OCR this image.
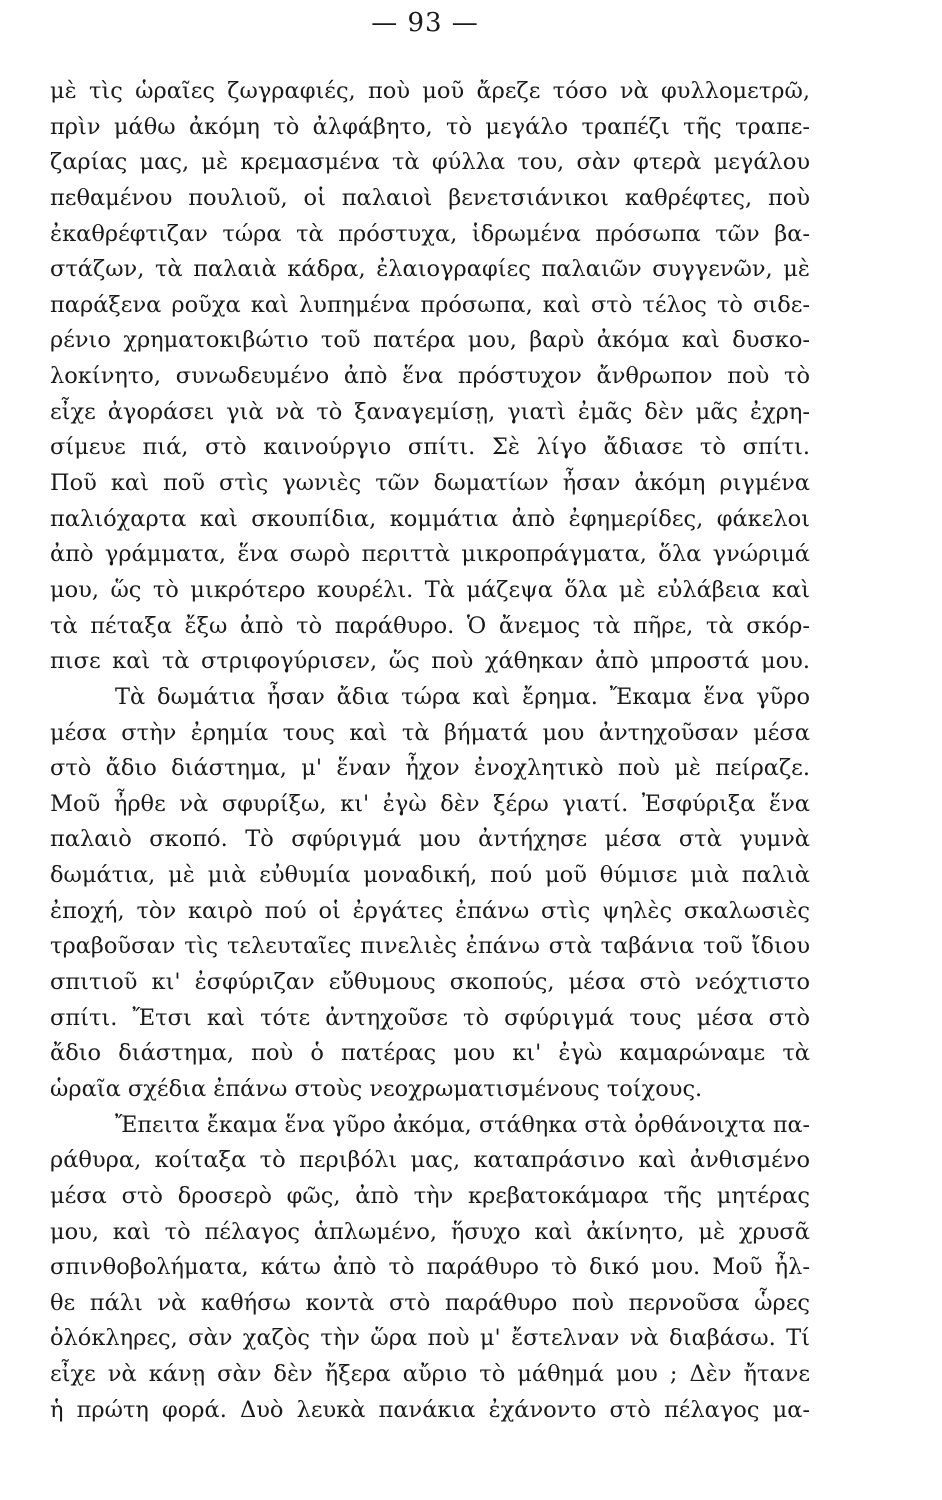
— 93 —
μὲ τὶς ὡραῖες ζωγραφιές, ποὺ μοῦ ἄρεζε τόσο νὰ φυλλομετρῶ,
πρὶν μάθω ἀκόμη τὸ ἀλφάβητο, τὸ μεγάλο τραπέζι τῆς τραπε-
ζαρίας μας, μὲ κρεμασμένα τὰ φύλλα του, σὰν φτερὰ μεγάλου
πεθαμένου πουλιοῦ, οἱ παλαιοὶ βενετσιάνικοι καθρέφτες, ποὺ
ἐκαθρέφτιζαν τώρα τὰ πρόστυχα, ἱδρωμένα πρόσωπα τῶν βα-
στάζων, τὰ παλαιὰ κάδρα, ἐλαιογραφίες παλαιῶν συγγενῶν, μὲ
παράξενα ροῦχα καὶ λυπημένα πρόσωπα, καὶ στὸ τέλος τὸ σιδε-
ρένιο χρηματοκιβώτιο τοῦ πατέρα μου, βαρὺ ἀκόμα καὶ δυσκο-
λοκίνητο, συνωδευμένο ἀπὸ ἕνα πρόστυχον ἄνθρωπον ποὺ τὸ
εἶχε ἀγοράσει γιὰ νὰ τὸ ξαναγεμίσῃ, γιατὶ ἐμᾶς δὲν μᾶς ἐχρη-
σίμευε πιά, στὸ καινούργιο σπίτι. Σὲ λίγο ἄδιασε τὸ σπίτι.
Ποῦ καὶ ποῦ στὶς γωνιὲς τῶν δωματίων ἦσαν ἀκόμη ριγμένα
παλιόχαρτα καὶ σκουπίδια, κομμάτια ἀπὸ ἐφημερίδες, φάκελοι
ἀπὸ γράμματα, ἕνα σωρὸ περιττὰ μικροπράγματα, ὅλα γνώριμά
μου, ὥς τὸ μικρότερο κουρέλι. Τὰ μάζεψα ὅλα μὲ εὐλάβεια καὶ
τὰ πέταξα ἔξω ἀπὸ τὸ παράθυρο. Ὁ ἄνεμος τὰ πῆρε, τὰ σκόρ-
πισε καὶ τὰ στριφογύρισεν, ὥς ποὺ χάθηκαν ἀπὸ μπροστά μου.
Τὰ δωμάτια ἦσαν ἄδια τώρα καὶ ἔρημα. Ἔκαμα ἕνα γῦρο
μέσα στὴν ἐρημία τους καὶ τὰ βήματά μου ἀντηχοῦσαν μέσα
στὸ ἄδιο διάστημα, μ' ἕναν ἦχον ἐνοχλητικὸ ποὺ μὲ πείραζε.
Μοῦ ἦρθε νὰ σφυρίξω, κι' ἐγὼ δὲν ξέρω γιατί. Ἐσφύριξα ἕνα
παλαιὸ σκοπό. Τὸ σφύριγμά μου ἀντήχησε μέσα στὰ γυμνὰ
δωμάτια, μὲ μιὰ εὐθυμία μοναδική, πού μοῦ θύμισε μιὰ παλιὰ
ἐποχή, τὸν καιρὸ πού οἱ ἐργάτες ἐπάνω στὶς ψηλὲς σκαλωσιὲς
τραβοῦσαν τὶς τελευταῖες πινελιὲς ἐπάνω στὰ ταβάνια τοῦ ἴδιου
σπιτιοῦ κι' ἐσφύριζαν εὔθυμους σκοπούς, μέσα στὸ νεόχτιστο
σπίτι. Ἔτσι καὶ τότε ἀντηχοῦσε τὸ σφύριγμά τους μέσα στὸ
ἄδιο διάστημα, ποὺ ὁ πατέρας μου κι' ἐγὼ καμαρώναμε τὰ
ὡραῖα σχέδια ἐπάνω στοὺς νεοχρωματισμένους τοίχους.
Ἔπειτα ἔκαμα ἕνα γῦρο ἀκόμα, στάθηκα στὰ ὀρθάνοιχτα πα-
ράθυρα, κοίταξα τὸ περιβόλι μας, καταπράσινο καὶ ἀνθισμένο
μέσα στὸ δροσερὸ φῶς, ἀπὸ τὴν κρεβατοκάμαρα τῆς μητέρας
μου, καὶ τὸ πέλαγος ἁπλωμένο, ἥσυχο καὶ ἀκίνητο, μὲ χρυσᾶ
σπινθοβολήματα, κάτω ἀπὸ τὸ παράθυρο τὸ δικό μου. Μοῦ ἦλ-
θε πάλι νὰ καθήσω κοντὰ στὸ παράθυρο ποὺ περνοῦσα ὧρες
ὁλόκληρες, σὰν χαζὸς τὴν ὥρα ποὺ μ' ἔστελναν νὰ διαβάσω. Τί
εἶχε νὰ κάνῃ σὰν δὲν ἤξερα αὔριο τὸ μάθημά μου ; Δὲν ἤτανε
ἡ πρώτη φορά. Δυὸ λευκὰ πανάκια ἐχάνοντο στὸ πέλαγος μα-
